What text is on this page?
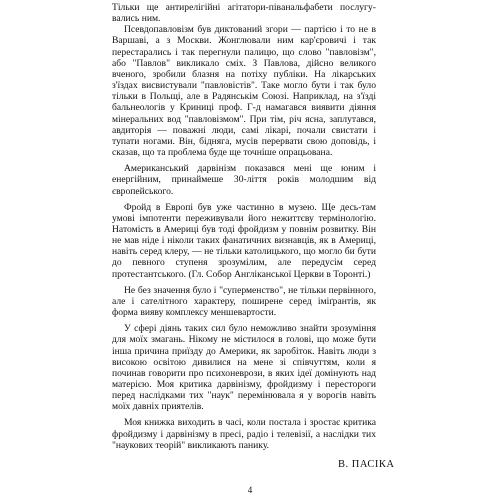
Тільки ще антирелігійні агітатори-пiвaнaльфaбeти послугувались ним.

Псевдопавловізм був диктований згори — партією і то не в Варшаві, а з Москви. Жонглювали ним кар'єровичі і так перестарались і так перегнули палицю, що слово "павловізм", або "Павлов" викликало сміх. З Павлова, дійсно великого вченого, зробили блазня на потіху публіки. На лікарських з'їздах висвистували "павловістів". Таке могло бути і так було тільки в Польщі, але в Радянськім Союзі. Наприклад, на з'їзді бальнеологів у Криниці проф. Г-д намагався виявити діяння мінеральних вод "павловізмом". При тім, річ ясна, заплутався, авдиторія — поважні люди, самі лікарі, почали свистати і тупати ногами. Він, бідняга, мусів перервати свою доповідь, і сказав, що та проблема буде ще точніше опрацьована.

Американський дарвінізм показався мені ще юним і енергійним, принаймеше 30-ліття років молодшим від європейського.

Фройд в Европі був уже частинно в музею. Ще десь-там умові імпотенти переживували його нежиттєву термінологію. Натомість в Америці був тоді фройдизм у повнім розвитку. Він не мав ніде і ніколи таких фанатичних визнавців, як в Америці, навіть серед клеру, — не тільки католицького, що могло би бути до певного ступеня зрозумілим, але передусім серед протестантського. (Гл. Собор Англіканської Церкви в Торонті.)

Не без значення було і "суперменство", не тільки первінного, але і сателітного характеру, поширене серед іміґрантів, як форма вияву комплексу меншевартости.

У сфері діянь таких сил було неможливо знайти зрозуміння для моїх змагань. Нікому не містилося в голові, що може бути інша причина приїзду до Америки, як заробіток. Навіть люди з високою освітою дивилися на мене зі співчуттям, коли я починав говорити про психоневрози, в яких ідеї домінують над матерією. Моя критика дарвінізму, фройдизму і перестороги перед наслідками тих "наук" перемінювала я у ворогів навіть моїх давніх приятелів.

Моя книжка виходить в часі, коли постала і зростає критика фройдизму і дарвінізму в пресі, радіо і телевізії, а наслідки тих "наукових теорій" викликають панику.

В. ПАСІКА
4
